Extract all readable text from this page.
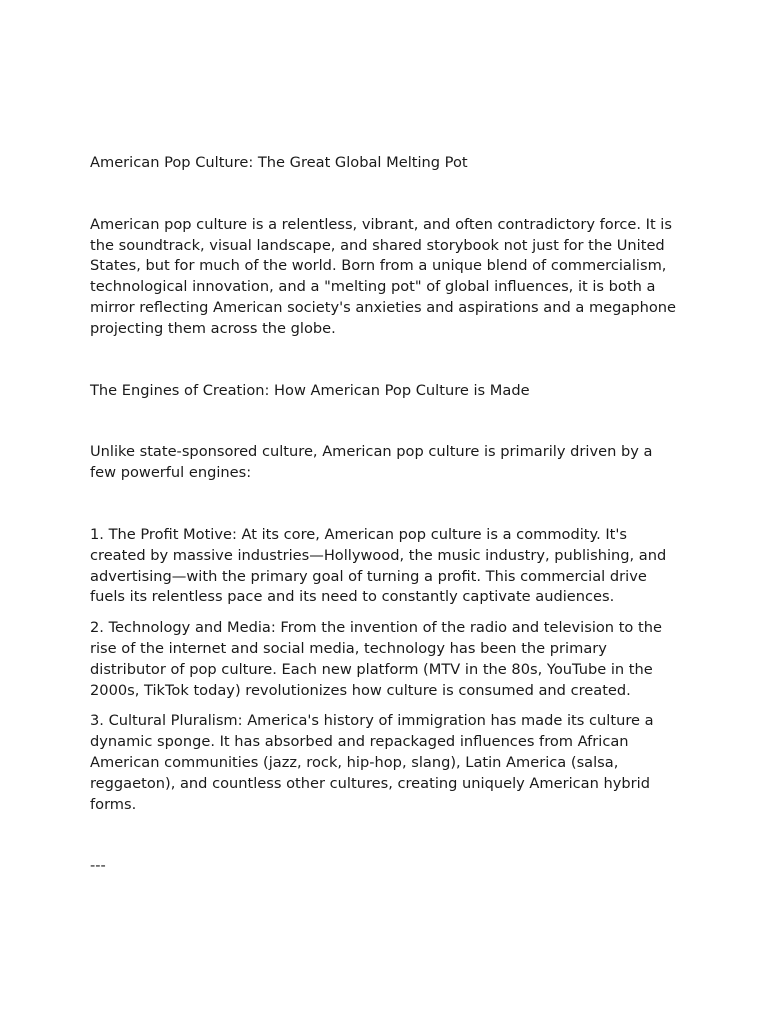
American Pop Culture: The Great Global Melting Pot

American pop culture is a relentless, vibrant, and often contradictory force. It is the soundtrack, visual landscape, and shared storybook not just for the United States, but for much of the world. Born from a unique blend of commercialism, technological innovation, and a "melting pot" of global influences, it is both a mirror reflecting American society's anxieties and aspirations and a megaphone projecting them across the globe.

The Engines of Creation: How American Pop Culture is Made

Unlike state-sponsored culture, American pop culture is primarily driven by a few powerful engines:

1. The Profit Motive: At its core, American pop culture is a commodity. It's created by massive industries—Hollywood, the music industry, publishing, and advertising—with the primary goal of turning a profit. This commercial drive fuels its relentless pace and its need to constantly captivate audiences.

2. Technology and Media: From the invention of the radio and television to the rise of the internet and social media, technology has been the primary distributor of pop culture. Each new platform (MTV in the 80s, YouTube in the 2000s, TikTok today) revolutionizes how culture is consumed and created.

3. Cultural Pluralism: America's history of immigration has made its culture a dynamic sponge. It has absorbed and repackaged influences from African American communities (jazz, rock, hip-hop, slang), Latin America (salsa, reggaeton), and countless other cultures, creating uniquely American hybrid forms.

---
